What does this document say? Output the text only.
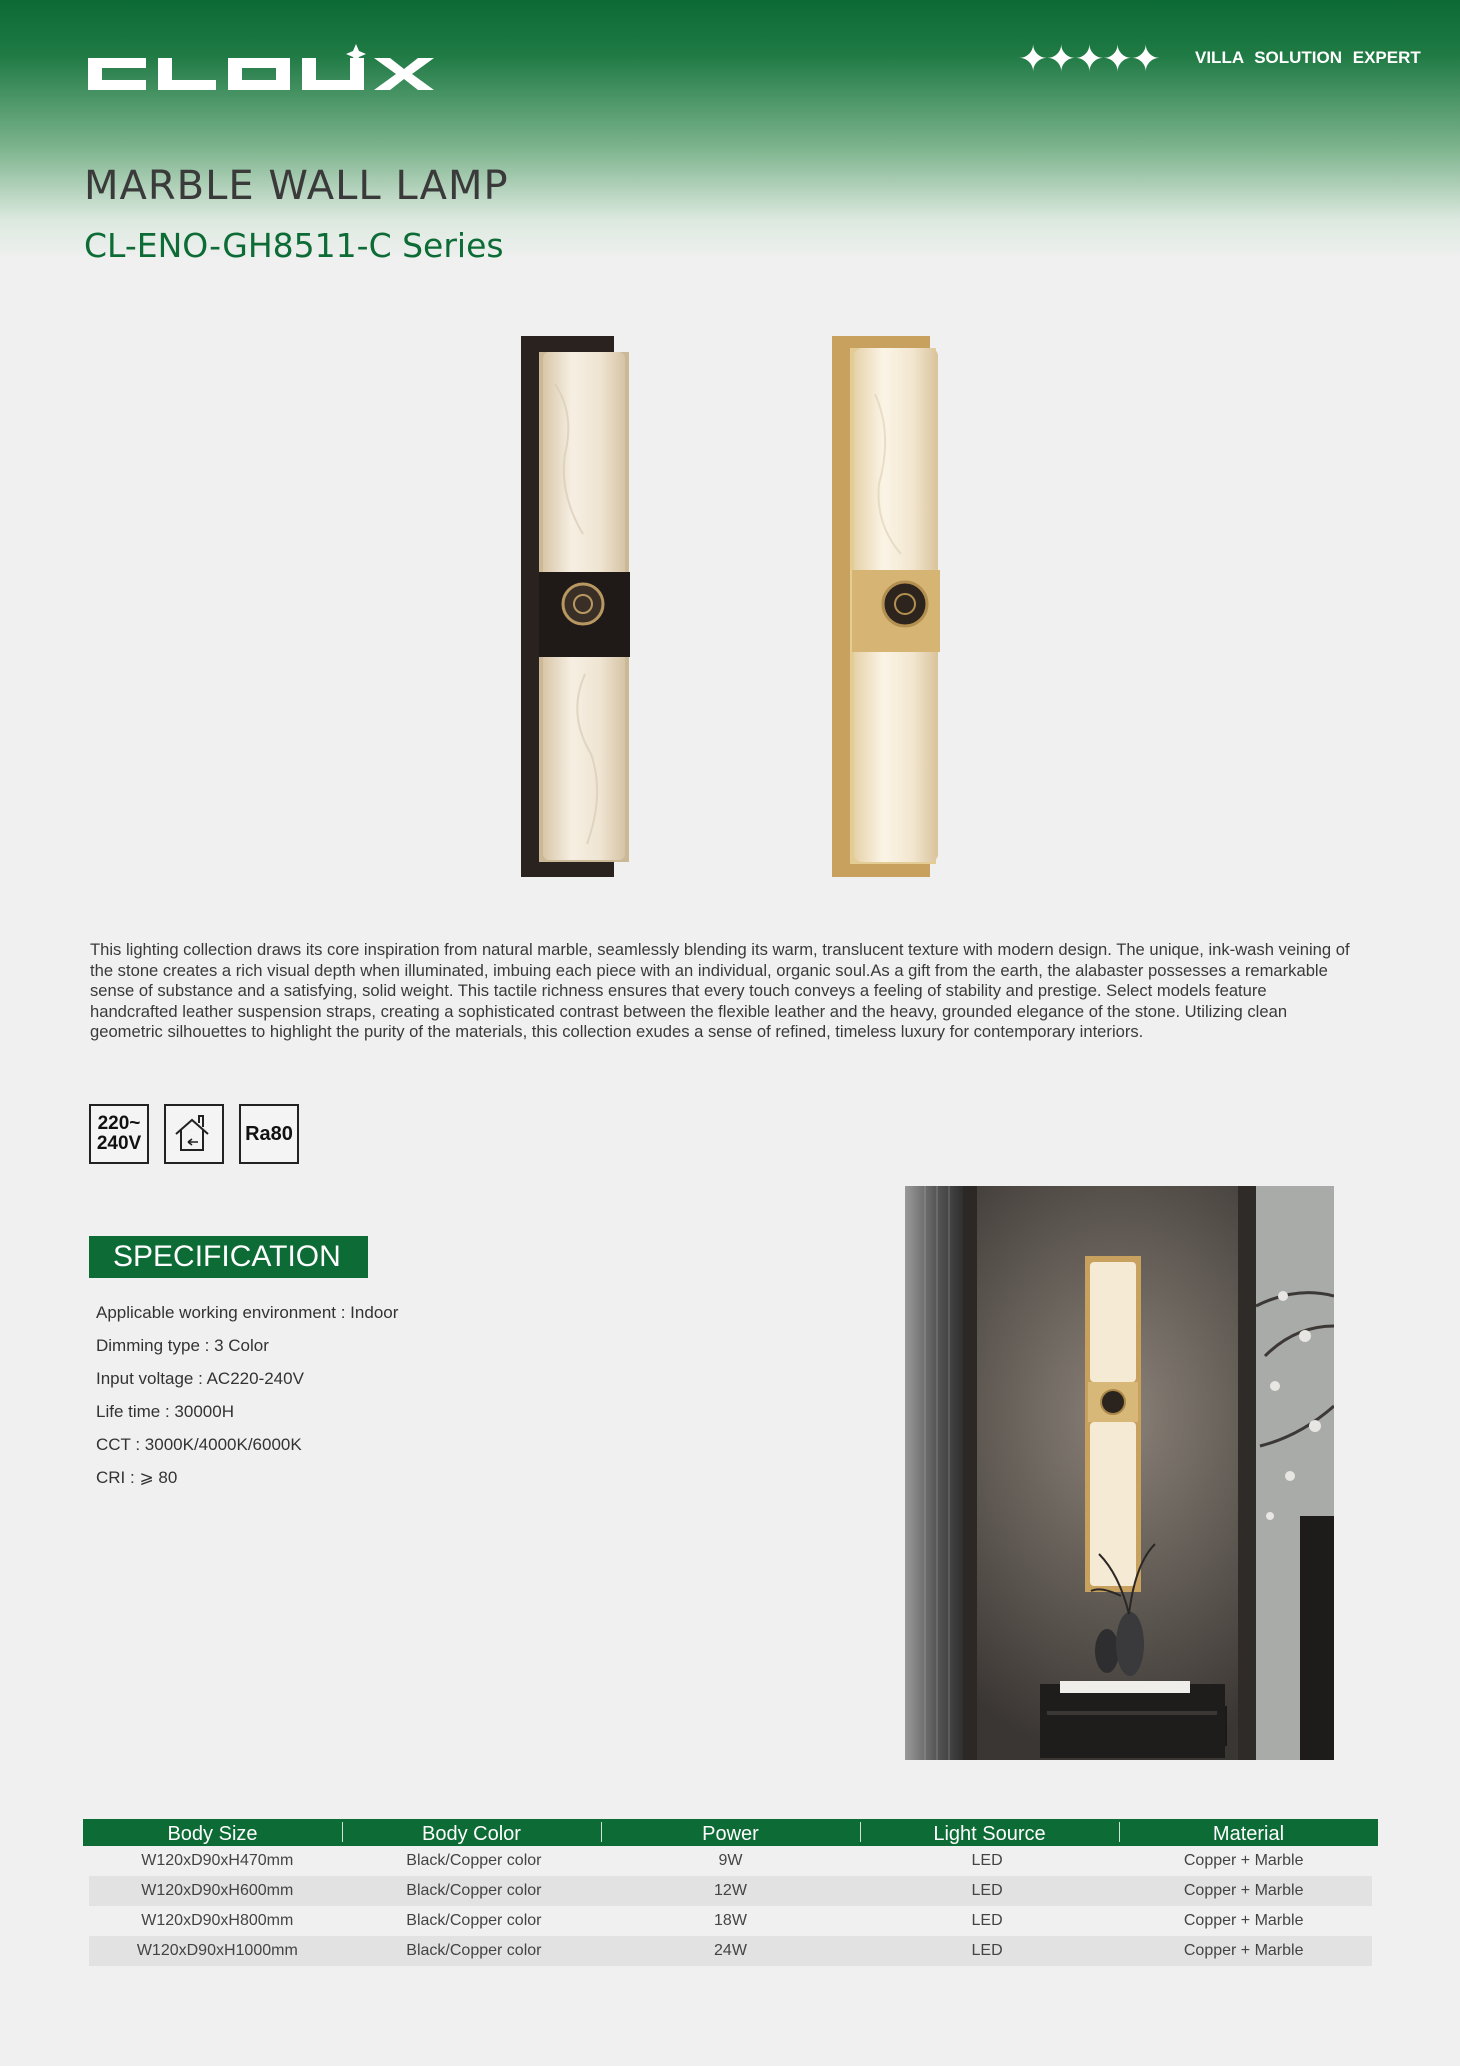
✦✦✦✦✦ VILLA SOLUTION EXPERT
MARBLE WALL LAMP
CL-ENO-GH8511-C Series

This lighting collection draws its core inspiration from natural marble, seamlessly blending its warm, translucent texture with modern design. The unique, ink-wash veining of the stone creates a rich visual depth when illuminated, imbuing each piece with an individual, organic soul.As a gift from the earth, the alabaster possesses a remarkable sense of substance and a satisfying, solid weight. This tactile richness ensures that every touch conveys a feeling of stability and prestige. Select models feature handcrafted leather suspension straps, creating a sophisticated contrast between the flexible leather and the heavy, grounded elegance of the stone. Utilizing clean geometric silhouettes to highlight the purity of the materials, this collection exudes a sense of refined, timeless luxury for contemporary interiors.

220~
240V	Ra80
SPECIFICATION
Applicable working environment : Indoor
Dimming type : 3 Color
Input voltage : AC220-240V
Life time : 30000H
CCT : 3000K/4000K/6000K
CRI : ⩾ 80
Body Size	Body Color	Power	Light Source	Material
W120xD90xH470mm	Black/Copper color	9W	LED	Copper + Marble
W120xD90xH600mm	Black/Copper color	12W	LED	Copper + Marble
W120xD90xH800mm	Black/Copper color	18W	LED	Copper + Marble
W120xD90xH1000mm	Black/Copper color	24W	LED	Copper + Marble
